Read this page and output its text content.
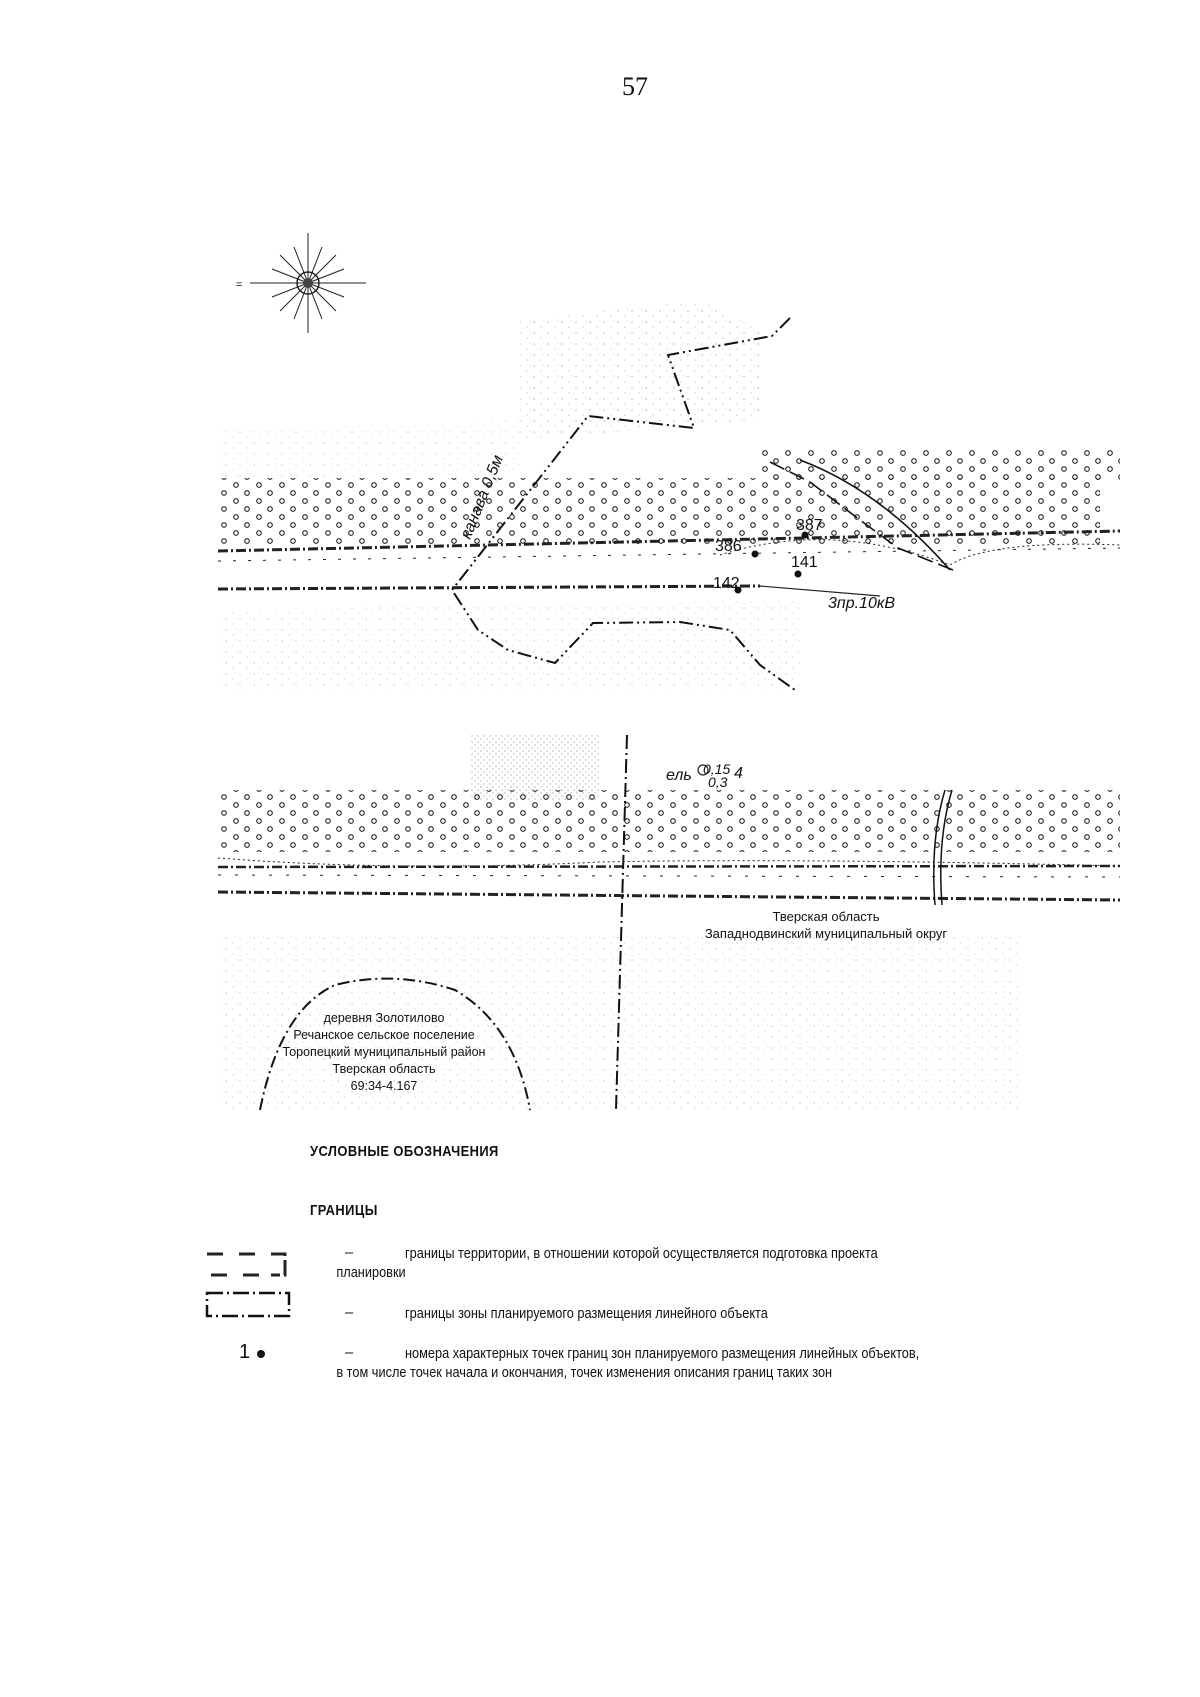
57
=
канава 0,5м
386
387
141
142
3пр.10кВ
ель 0,15 4
0,3
Тверская область
Западнодвинский муниципальный округ
деревня Золотилово
Речанское сельское поселение
Торопецкий муниципальный район
Тверская область
69:34-4.167
УСЛОВНЫЕ ОБОЗНАЧЕНИЯ
ГРАНИЦЫ
–	границы территории, в отношении которой осуществляется подготовка проекта
планировки
–	границы зоны планируемого размещения линейного объекта
1	–	номера характерных точек границ зон планируемого размещения линейных объектов,
в том числе точек начала и окончания, точек изменения описания границ таких зон
